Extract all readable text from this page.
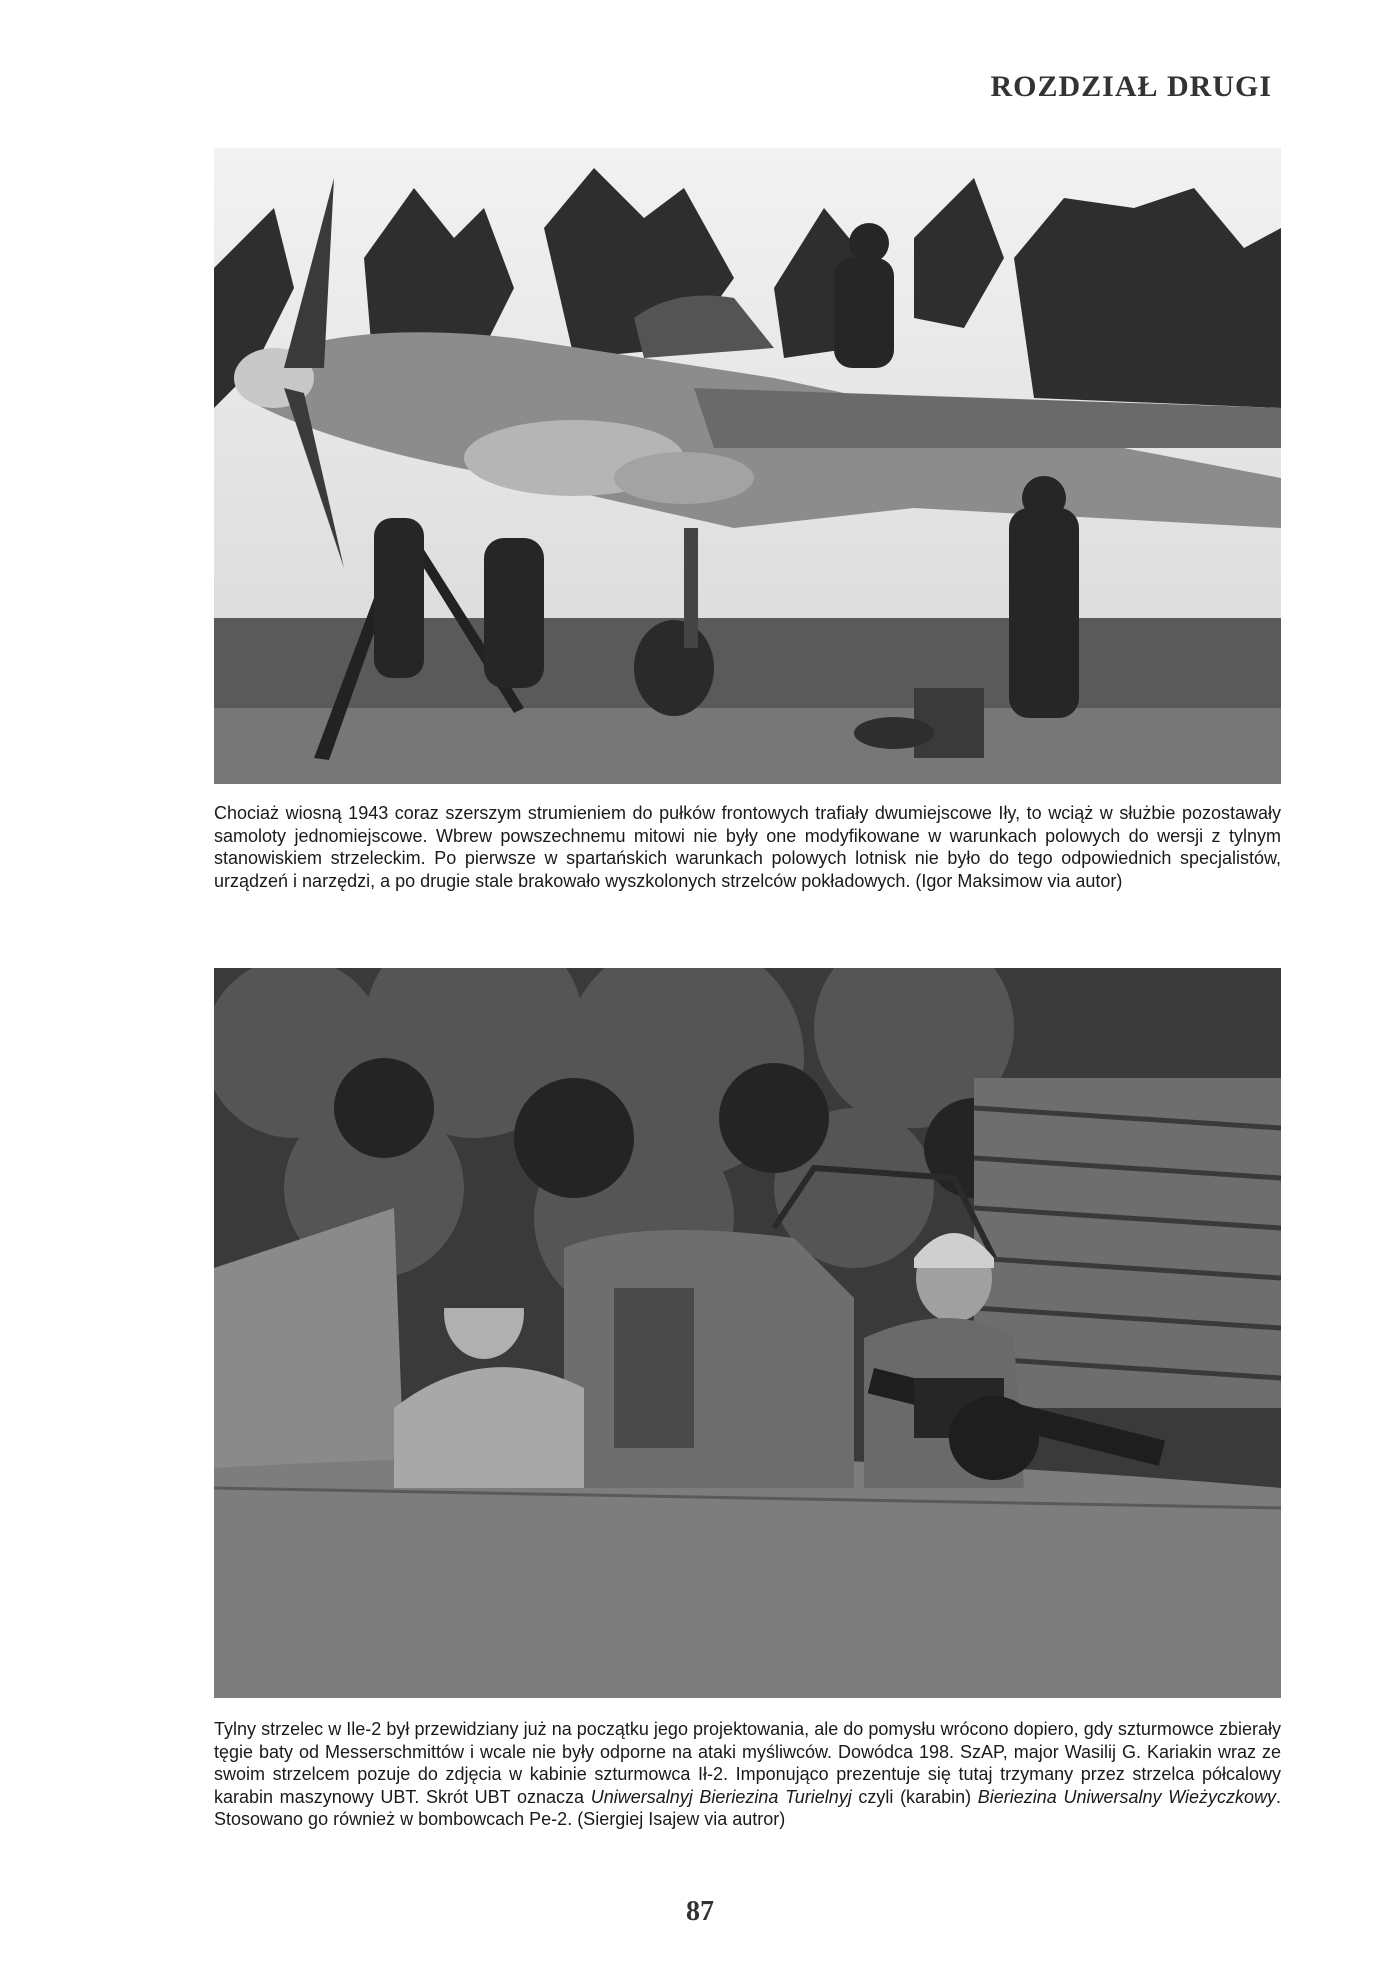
ROZDZIAŁ DRUGI
Chociaż wiosną 1943 coraz szerszym strumieniem do pułków frontowych trafiały dwumiejscowe Iły, to wciąż w służbie pozostawały samoloty jednomiejscowe. Wbrew powszechnemu mitowi nie były one modyfikowane w warunkach polowych do wersji z tylnym stanowiskiem strzeleckim. Po pierwsze w spartańskich warunkach polowych lotnisk nie było do tego odpowiednich specjalistów, urządzeń i narzędzi, a po drugie stale brakowało wyszkolonych strzelców pokładowych. (Igor Maksimow via autor)
Tylny strzelec w Ile-2 był przewidziany już na początku jego projektowania, ale do pomysłu wrócono dopiero, gdy szturmowce zbierały tęgie baty od Messerschmittów i wcale nie były odporne na ataki myśliwców. Dowódca 198. SzAP, major Wasilij G. Kariakin wraz ze swoim strzelcem pozuje do zdjęcia w kabinie szturmowca Ił-2. Imponująco prezentuje się tutaj trzymany przez strzelca półcalowy karabin maszynowy UBT. Skrót UBT oznacza Uniwersalnyj Bieriezina Turielnyj czyli (karabin) Bieriezina Uniwersalny Wieżyczkowy. Stosowano go również w bombowcach Pe-2. (Siergiej Isajew via autror)
87
